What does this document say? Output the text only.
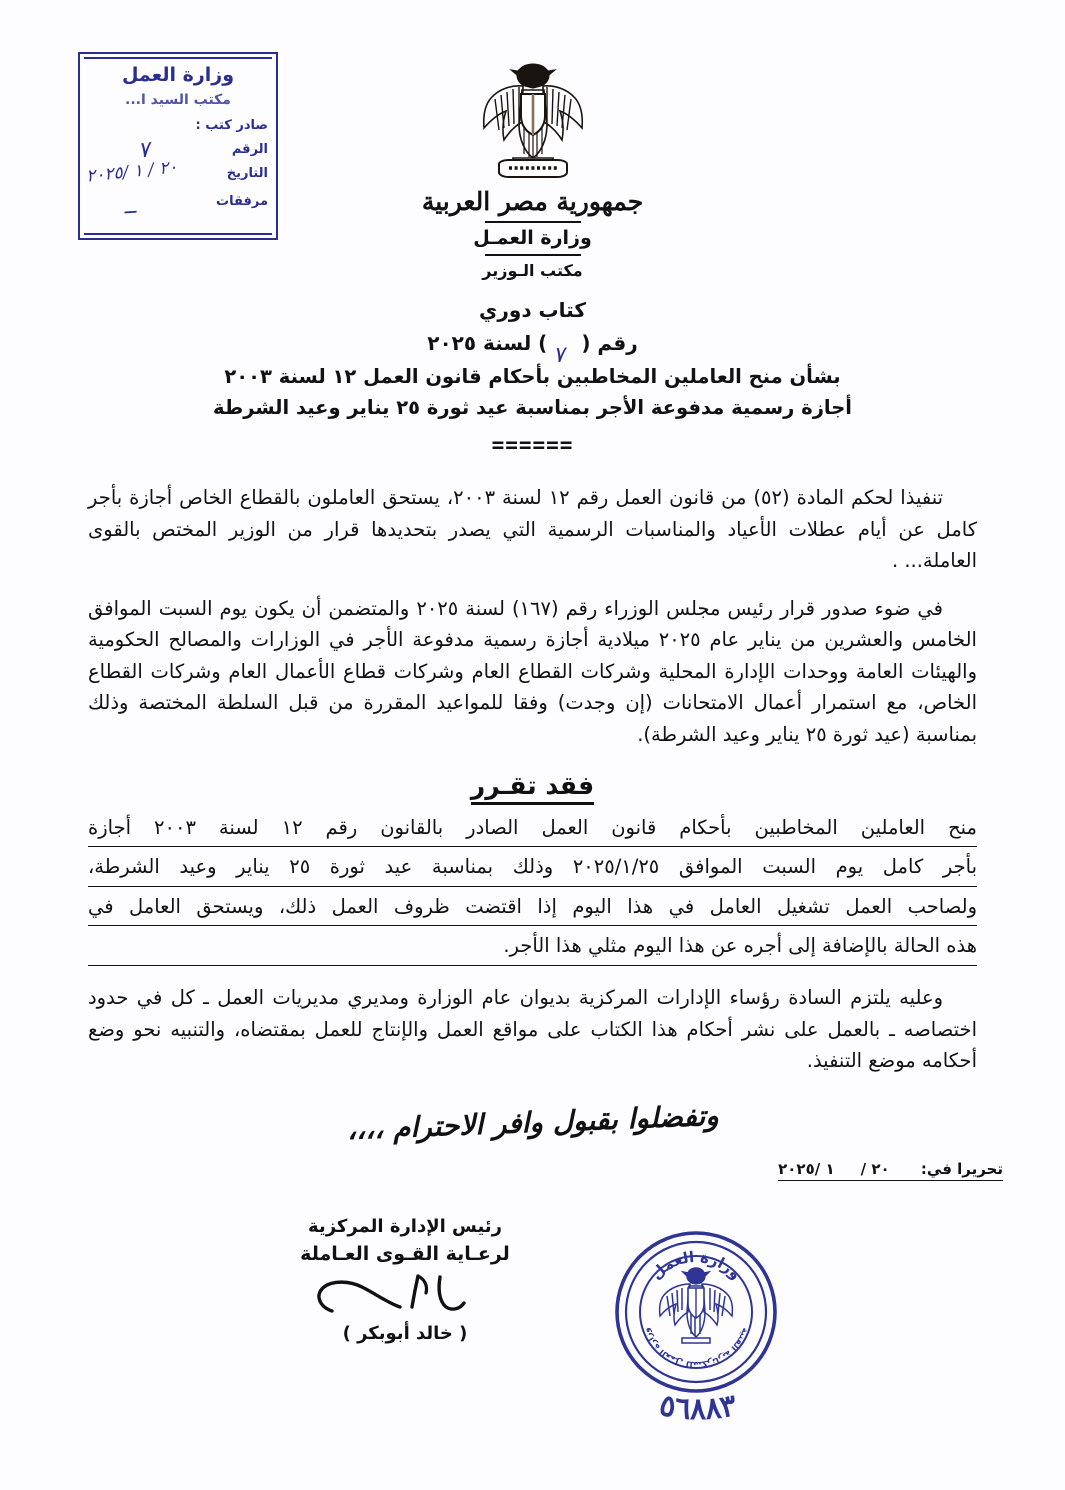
وزارة العمل
مكتب السيد ا...
صادر كتب :
الرقم
التاريخ
مرفقات
٧
٢٠ / ١ /٢٠٢٥
ــ	جمهورية مصر العربية
وزارة العمـل
مكتب الـوزير
كتاب دوري
رقم (
٧
) لسنة ٢٠٢٥
بشأن منح العاملين المخاطبين بأحكام قانون العمل ١٢ لسنة ٢٠٠٣
أجازة رسمية مدفوعة الأجر بمناسبة عيد ثورة ٢٥ يناير وعيد الشرطة
======

تنفيذا لحكم المادة (٥٢) من قانون العمل رقم ١٢ لسنة ٢٠٠٣، يستحق العاملون بالقطاع الخاص أجازة بأجر كامل عن أيام عطلات الأعياد والمناسبات الرسمية التي يصدر بتحديدها قرار من الوزير المختص بالقوى العاملة... .

في ضوء صدور قرار رئيس مجلس الوزراء رقم (١٦٧) لسنة ٢٠٢٥ والمتضمن أن يكون يوم السبت الموافق الخامس والعشرين من يناير عام ٢٠٢٥ ميلادية أجازة رسمية مدفوعة الأجر في الوزارات والمصالح الحكومية والهيئات العامة ووحدات الإدارة المحلية وشركات القطاع العام وشركات قطاع الأعمال العام وشركات القطاع الخاص، مع استمرار أعمال الامتحانات (إن وجدت) وفقا للمواعيد المقررة من قبل السلطة المختصة وذلك بمناسبة (عيد ثورة ٢٥ يناير وعيد الشرطة).

فقد تقـرر

منح العاملين المخاطبين بأحكام قانون العمل الصادر بالقانون رقم ١٢ لسنة ٢٠٠٣ أجازة
بأجر كامل يوم السبت الموافق ٢٠٢٥/١/٢٥ وذلك بمناسبة عيد ثورة ٢٥ يناير وعيد الشرطة،
ولصاحب العمل تشغيل العامل في هذا اليوم إذا اقتضت ظروف العمل ذلك، ويستحق العامل في
هذه الحالة بالإضافة إلى أجره عن هذا اليوم مثلي هذا الأجر.

وعليه يلتزم السادة رؤساء الإدارات المركزية بديوان عام الوزارة ومديري مديريات العمل ـ كل في حدود اختصاصه ـ بالعمل على نشر أحكام هذا الكتاب على مواقع العمل والإنتاج للعمل بمقتضاه، والتنبيه نحو وضع أحكامه موضع التنفيذ.

وتفضلوا بقبول وافر الاحترام ،،،،
تحريرا في: ٢٠ /١ /٢٠٢٥
رئيس الإدارة المركزية
لرعـاية القـوى العـاملة
( خالد أبوبكر )
وزارة العمل
وزارة العمل للسكرتارية الفنية
٥٦٨٨٣
